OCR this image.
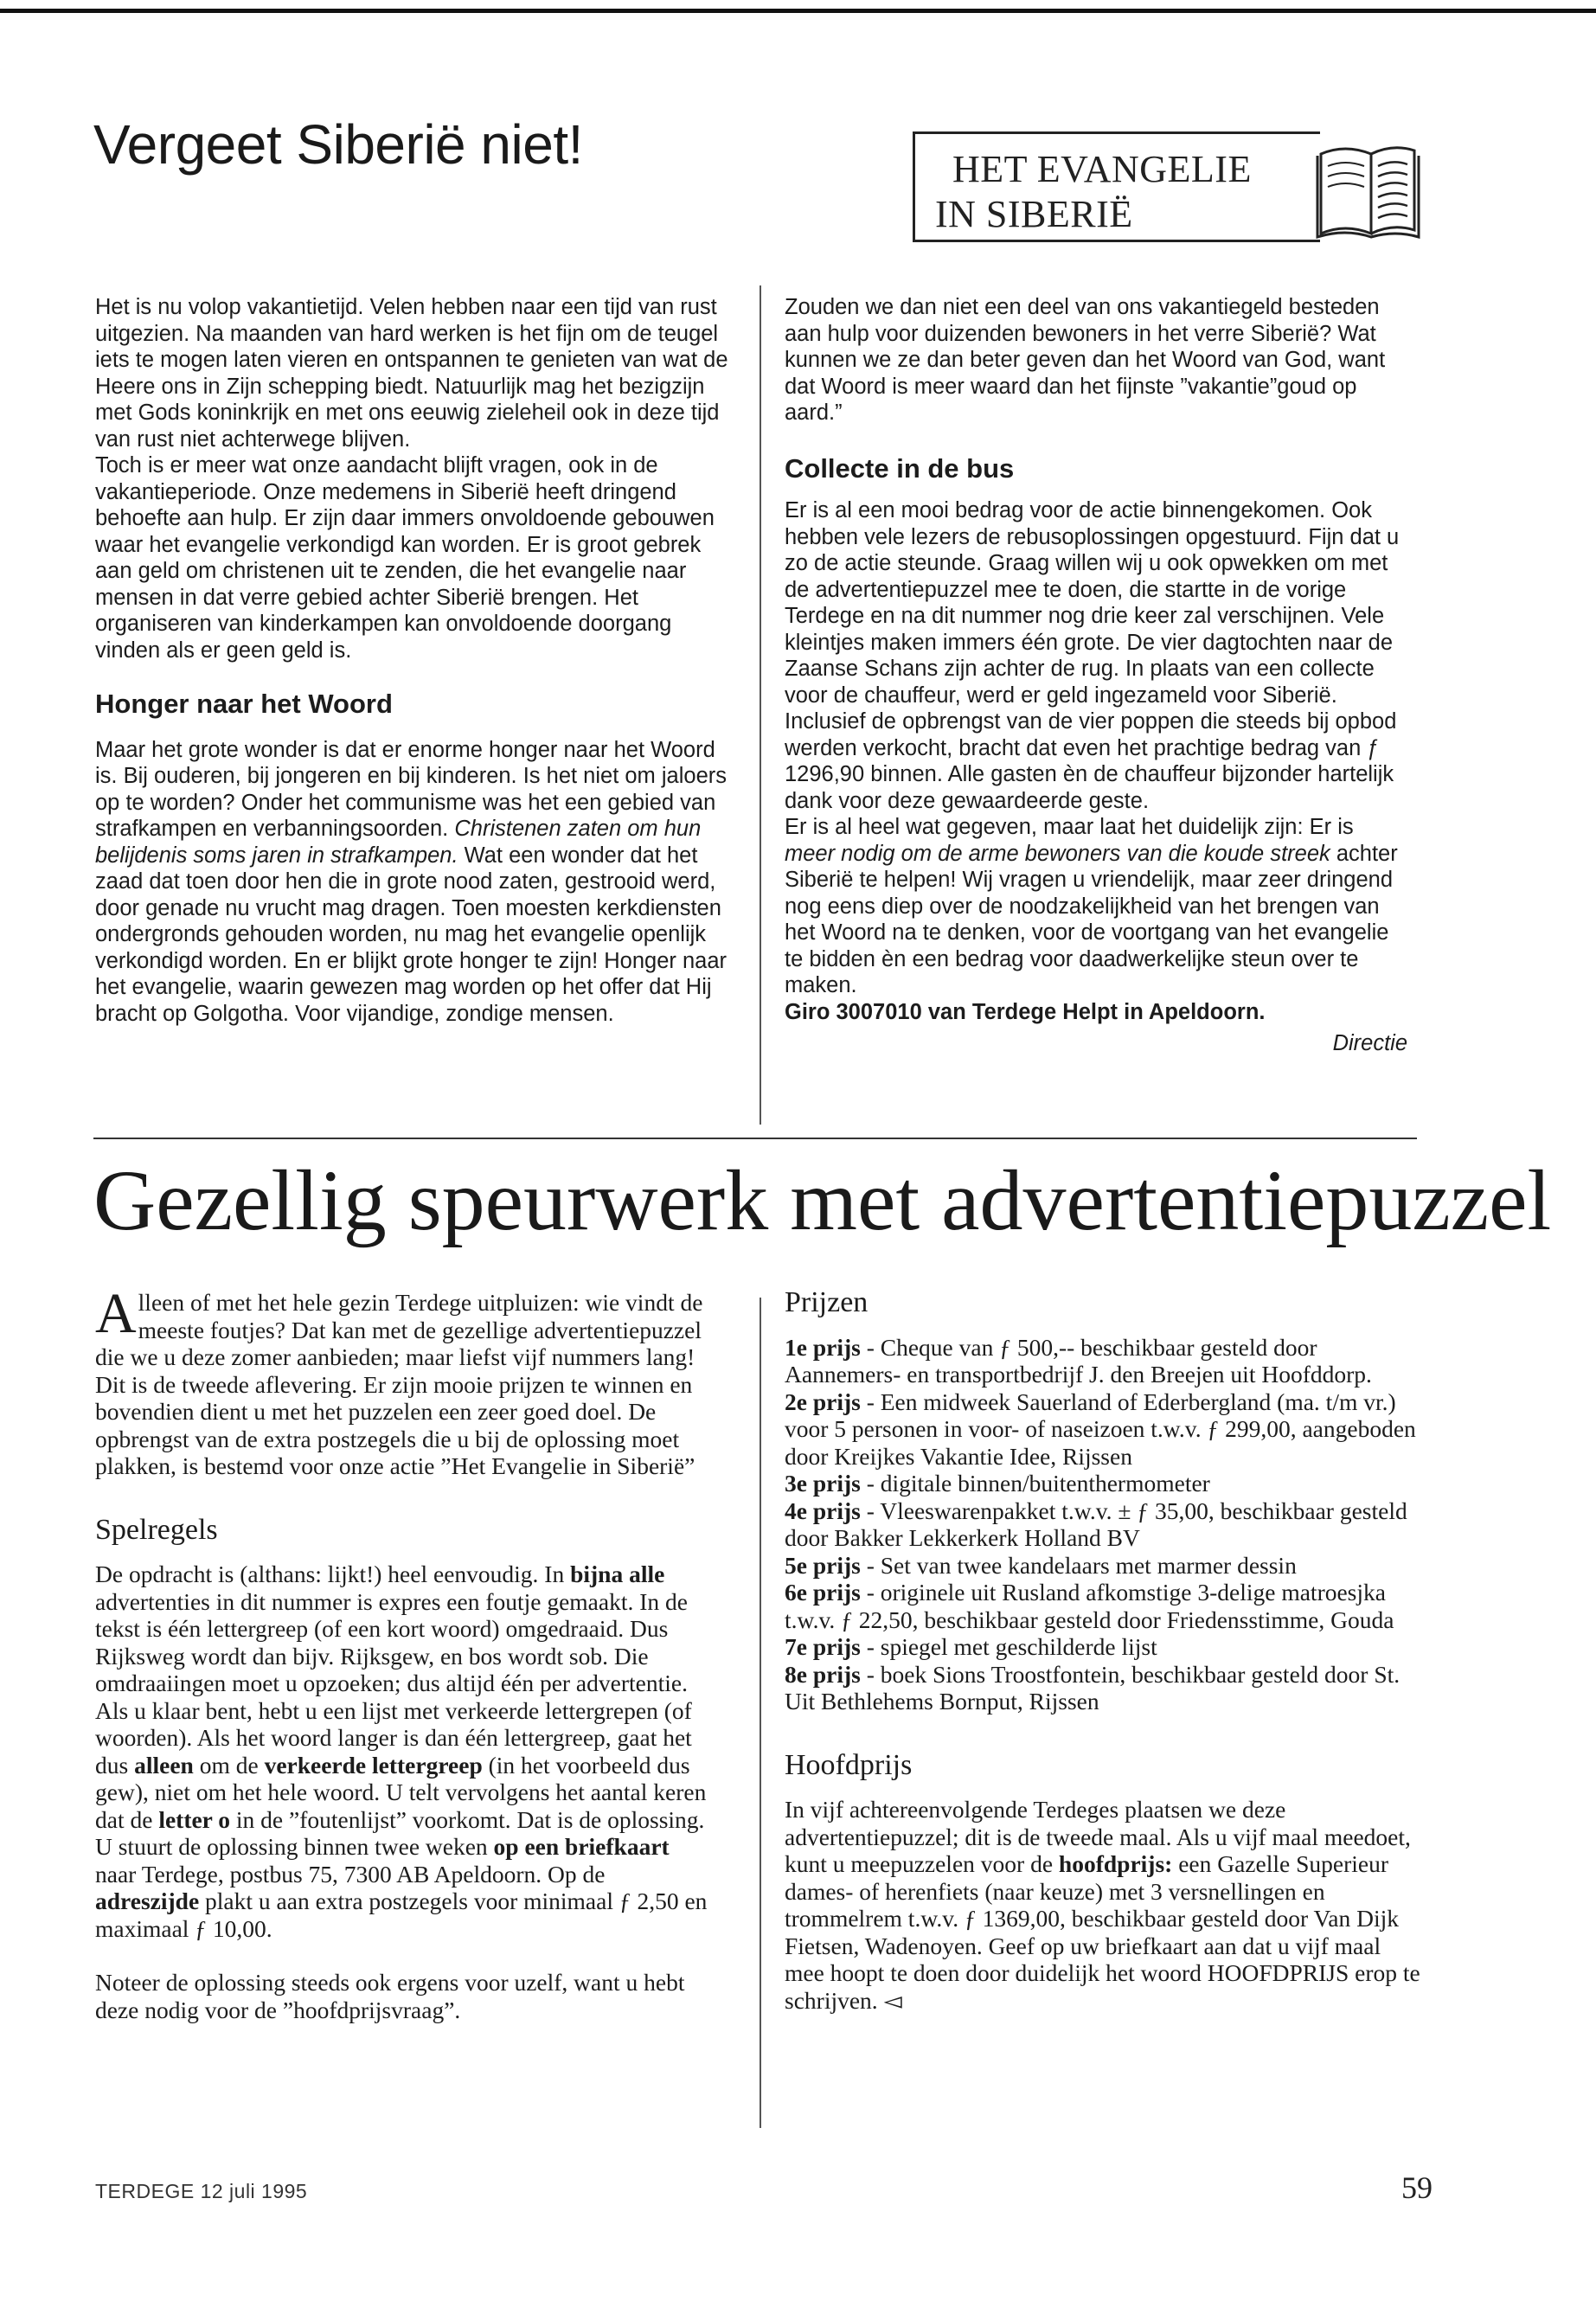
Vergeet Siberië niet!	HET EVANGELIE
IN SIBERIË

Het is nu volop vakantietijd. Velen hebben naar een tijd van rust uitgezien. Na maanden van hard werken is het fijn om de teugel iets te mogen laten vieren en ontspannen te genieten van wat de Heere ons in Zijn schepping biedt. Natuurlijk mag het bezigzijn met Gods koninkrijk en met ons eeuwig zieleheil ook in deze tijd van rust niet achterwege blijven.

Toch is er meer wat onze aandacht blijft vragen, ook in de vakantieperiode. Onze medemens in Siberië heeft dringend behoefte aan hulp. Er zijn daar immers onvoldoende gebouwen waar het evangelie verkondigd kan worden. Er is groot gebrek aan geld om christenen uit te zenden, die het evangelie naar mensen in dat verre gebied achter Siberië brengen. Het organiseren van kinderkampen kan onvoldoende doorgang vinden als er geen geld is.

Honger naar het Woord

Maar het grote wonder is dat er enorme honger naar het Woord is. Bij ouderen, bij jongeren en bij kinderen. Is het niet om jaloers op te worden? Onder het communisme was het een gebied van strafkampen en verbanningsoorden. Christenen zaten om hun belijdenis soms jaren in strafkampen. Wat een wonder dat het zaad dat toen door hen die in grote nood zaten, gestrooid werd, door genade nu vrucht mag dragen. Toen moesten kerkdiensten ondergronds gehouden worden, nu mag het evangelie openlijk verkondigd worden. En er blijkt grote honger te zijn! Honger naar het evangelie, waarin gewezen mag worden op het offer dat Hij bracht op Golgotha. Voor vijandige, zondige mensen.

Zouden we dan niet een deel van ons vakantiegeld besteden aan hulp voor duizenden bewoners in het verre Siberië? Wat kunnen we ze dan beter geven dan het Woord van God, want dat Woord is meer waard dan het fijnste ”vakantie”goud op aard.”

Collecte in de bus

Er is al een mooi bedrag voor de actie binnengekomen. Ook hebben vele lezers de rebusoplossingen opgestuurd. Fijn dat u zo de actie steunde. Graag willen wij u ook opwekken om met de advertentiepuzzel mee te doen, die startte in de vorige Terdege en na dit nummer nog drie keer zal verschijnen. Vele kleintjes maken immers één grote. De vier dagtochten naar de Zaanse Schans zijn achter de rug. In plaats van een collecte voor de chauffeur, werd er geld ingezameld voor Siberië. Inclusief de opbrengst van de vier poppen die steeds bij opbod werden verkocht, bracht dat even het prachtige bedrag van ƒ 1296,90 binnen. Alle gasten èn de chauffeur bijzonder hartelijk dank voor deze gewaardeerde geste.

Er is al heel wat gegeven, maar laat het duidelijk zijn: Er is meer nodig om de arme bewoners van die koude streek achter Siberië te helpen! Wij vragen u vriendelijk, maar zeer dringend nog eens diep over de noodzakelijkheid van het brengen van het Woord na te denken, voor de voortgang van het evangelie te bidden èn een bedrag voor daadwerkelijke steun over te maken.

Giro 3007010 van Terdege Helpt in Apeldoorn.

Directie

Gezellig speurwerk met advertentiepuzzel

Alleen of met het hele gezin Terdege uitpluizen: wie vindt de meeste foutjes? Dat kan met de gezellige advertentiepuzzel die we u deze zomer aanbieden; maar liefst vijf nummers lang! Dit is de tweede aflevering. Er zijn mooie prijzen te winnen en bovendien dient u met het puzzelen een zeer goed doel. De opbrengst van de extra postzegels die u bij de oplossing moet plakken, is bestemd voor onze actie ”Het Evangelie in Siberië”

Spelregels

De opdracht is (althans: lijkt!) heel eenvoudig. In bijna alle advertenties in dit nummer is expres een foutje gemaakt. In de tekst is één lettergreep (of een kort woord) omgedraaid. Dus Rijksweg wordt dan bijv. Rijksgew, en bos wordt sob. Die omdraaiingen moet u opzoeken; dus altijd één per advertentie. Als u klaar bent, hebt u een lijst met verkeerde lettergrepen (of woorden). Als het woord langer is dan één lettergreep, gaat het dus alleen om de verkeerde lettergreep (in het voorbeeld dus gew), niet om het hele woord. U telt vervolgens het aantal keren dat de letter o in de ”foutenlijst” voorkomt. Dat is de oplossing.

U stuurt de oplossing binnen twee weken op een briefkaart naar Terdege, postbus 75, 7300 AB Apeldoorn. Op de adreszijde plakt u aan extra postzegels voor minimaal ƒ 2,50 en maximaal ƒ 10,00.

Noteer de oplossing steeds ook ergens voor uzelf, want u hebt deze nodig voor de ”hoofdprijsvraag”.

Prijzen

1e prijs - Cheque van ƒ 500,-- beschikbaar gesteld door Aannemers- en transportbedrijf J. den Breejen uit Hoofddorp.

2e prijs - Een midweek Sauerland of Ederbergland (ma. t/m vr.) voor 5 personen in voor- of naseizoen t.w.v. ƒ 299,00, aangeboden door Kreijkes Vakantie Idee, Rijssen

3e prijs - digitale binnen/buitenthermometer

4e prijs - Vleeswarenpakket t.w.v. ± ƒ 35,00, beschikbaar gesteld door Bakker Lekkerkerk Holland BV

5e prijs - Set van twee kandelaars met marmer dessin

6e prijs - originele uit Rusland afkomstige 3-delige matroesjka t.w.v. ƒ 22,50, beschikbaar gesteld door Friedensstimme, Gouda

7e prijs - spiegel met geschilderde lijst

8e prijs - boek Sions Troostfontein, beschikbaar gesteld door St. Uit Bethlehems Bornput, Rijssen

Hoofdprijs

In vijf achtereenvolgende Terdeges plaatsen we deze advertentiepuzzel; dit is de tweede maal. Als u vijf maal meedoet, kunt u meepuzzelen voor de hoofdprijs: een Gazelle Superieur dames- of herenfiets (naar keuze) met 3 versnellingen en trommelrem t.w.v. ƒ 1369,00, beschikbaar gesteld door Van Dijk Fietsen, Wadenoyen. Geef op uw briefkaart aan dat u vijf maal mee hoopt te doen door duidelijk het woord HOOFDPRIJS erop te schrijven. ◅

TERDEGE 12 juli 1995	59
